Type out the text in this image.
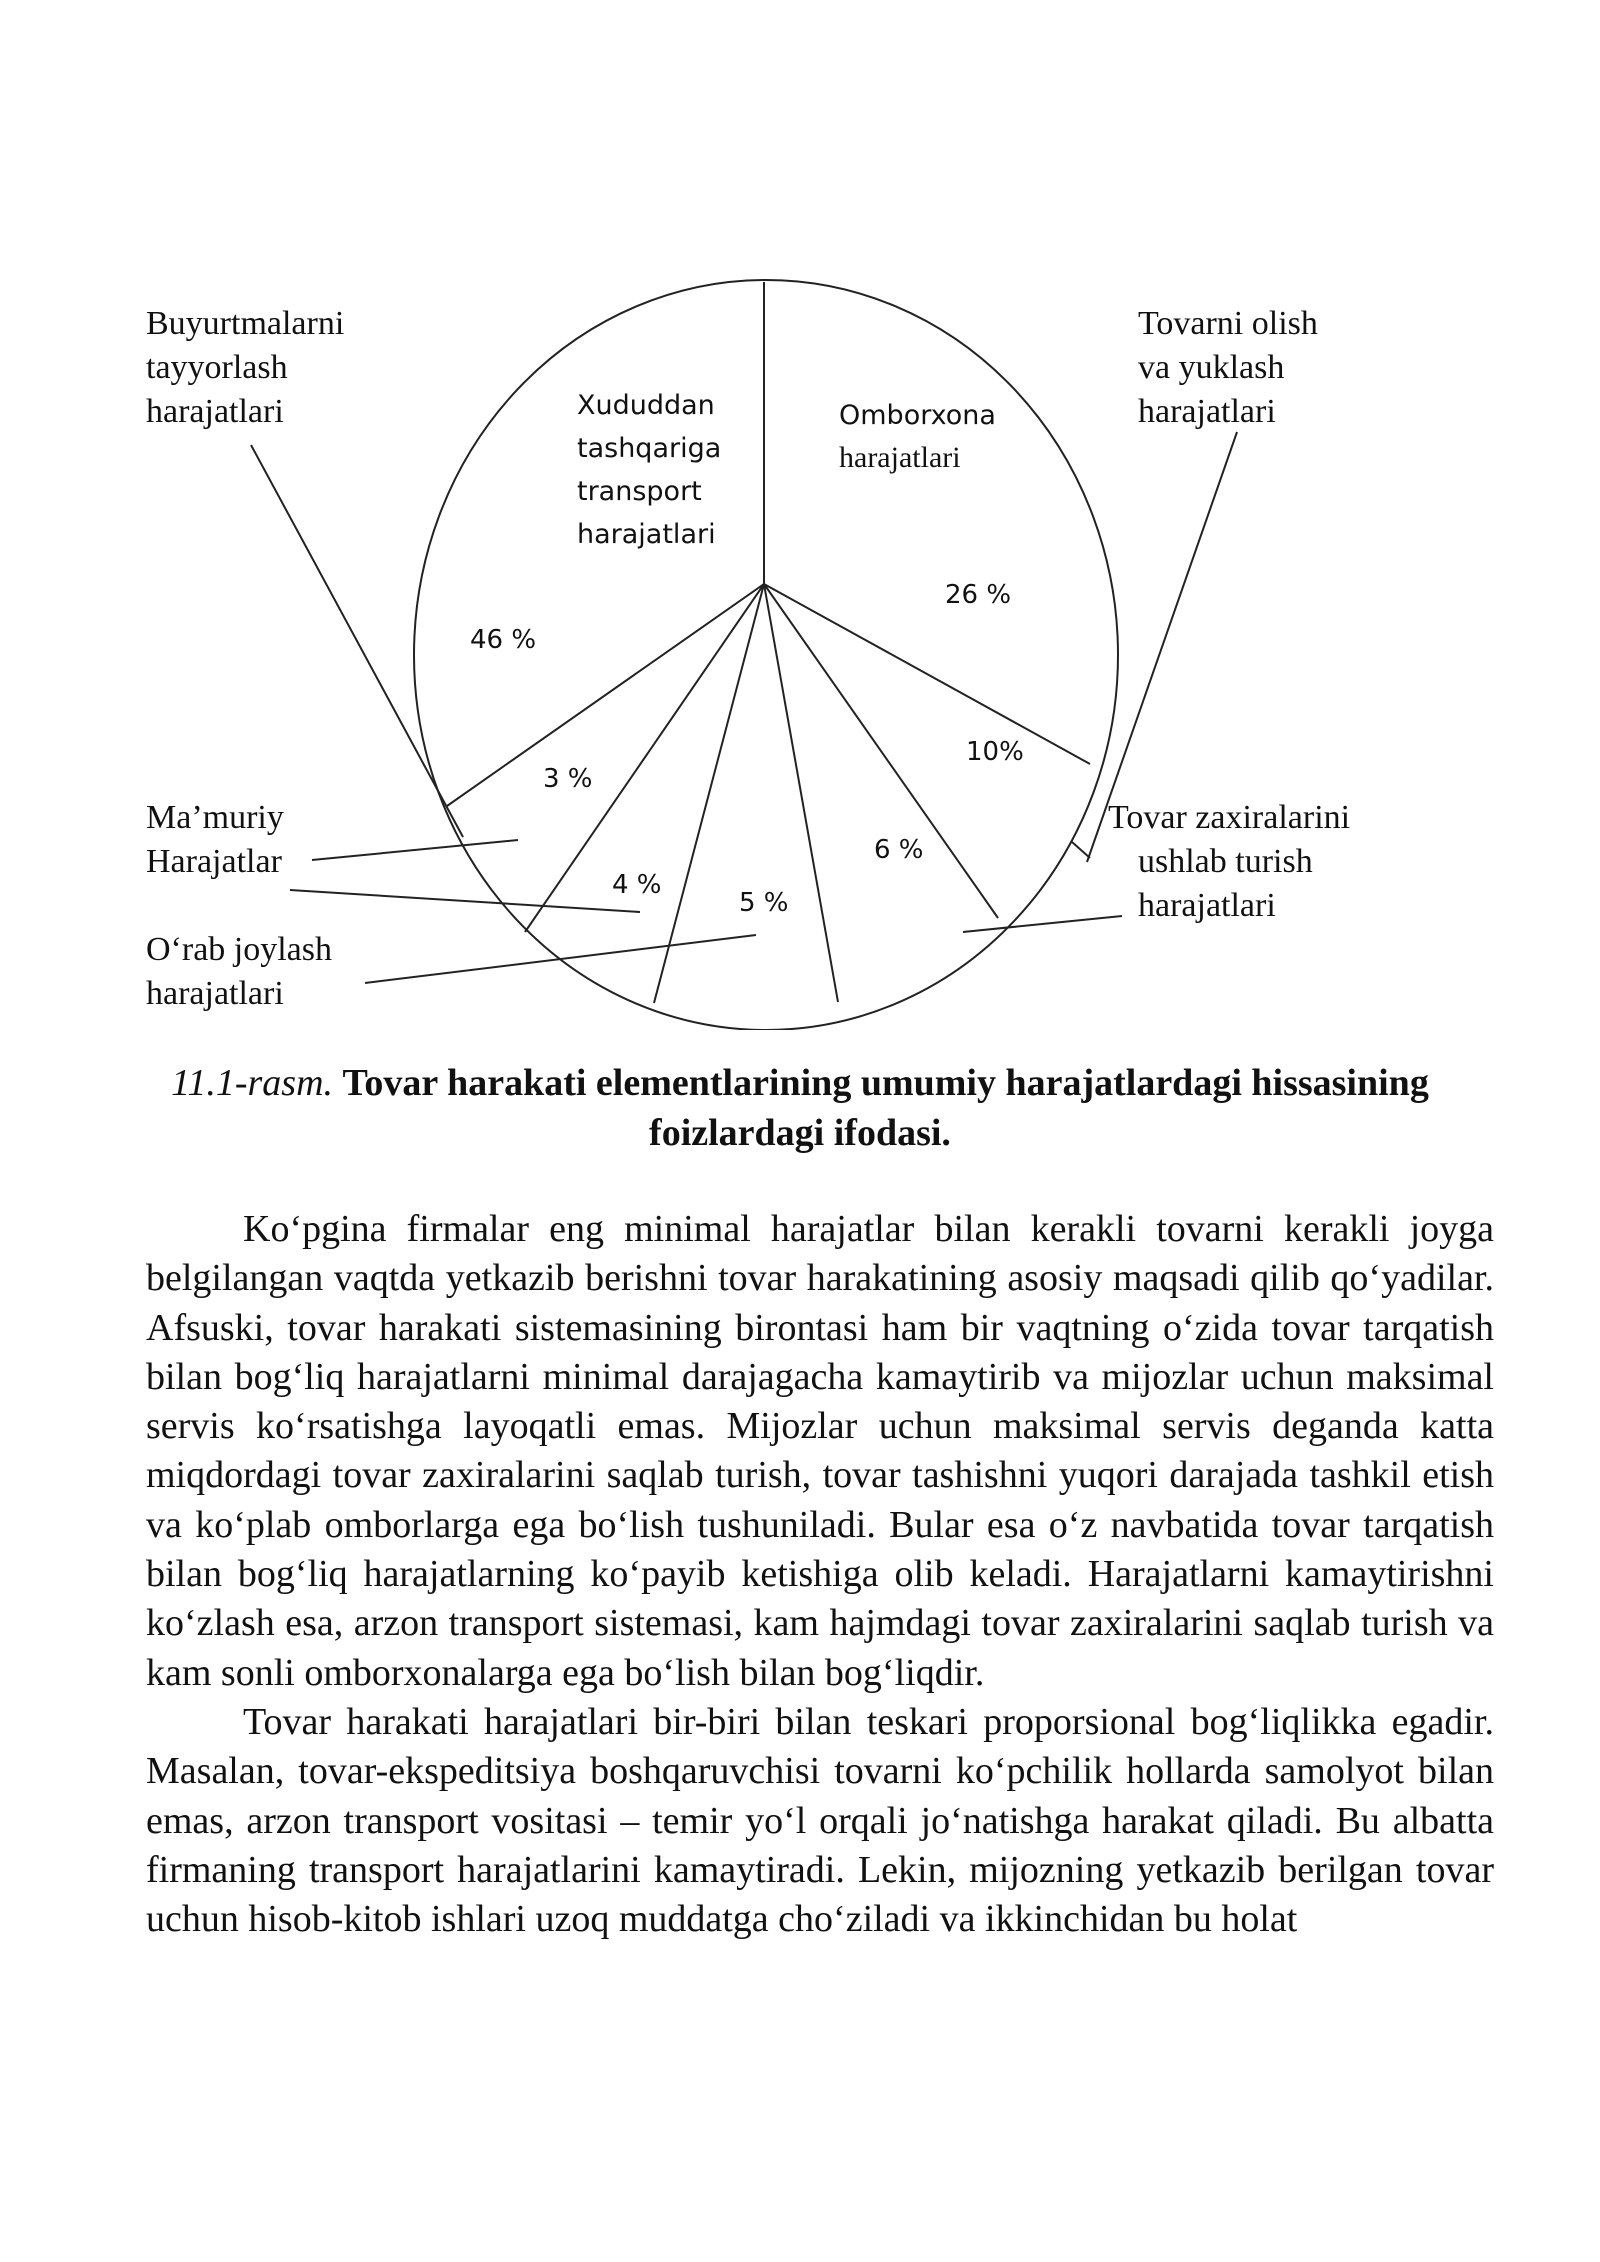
Buyurtmalarni tayyorlash harajatlari
Tovarni olish va yuklash harajatlari
Ma’muriy Harajatlar
Tovar zaxiralarini ushlab turish harajatlari
O‘rab joylash harajatlari
Xududdan tashqariga transport harajatlari
Omborxona harajatlari
46 %
26 %
10%
6 %
5 %
4 %
3 %
11.1-rasm. Tovar harakati elementlarining umumiy harajatlardagi hissasining foizlardagi ifodasi.

Ko‘pgina firmalar eng minimal harajatlar bilan kerakli tovarni kerakli joyga belgilangan vaqtda yetkazib berishni tovar harakatining asosiy maqsadi qilib qo‘yadilar. Afsuski, tovar harakati sistemasining birontasi ham bir vaqtning o‘zida tovar tarqatish bilan bog‘liq harajatlarni minimal darajagacha kamaytirib va mijozlar uchun maksimal servis ko‘rsatishga layoqatli emas. Mijozlar uchun maksimal servis deganda katta miqdordagi tovar zaxiralarini saqlab turish, tovar tashishni yuqori darajada tashkil etish va ko‘plab omborlarga ega bo‘lish tushuniladi. Bular esa o‘z navbatida tovar tarqatish bilan bog‘liq harajatlarning ko‘payib ketishiga olib keladi. Harajatlarni kamaytirishni ko‘zlash esa, arzon transport sistemasi, kam hajmdagi tovar zaxiralarini saqlab turish va kam sonli omborxonalarga ega bo‘lish bilan bog‘liqdir.

Tovar harakati harajatlari bir-biri bilan teskari proporsional bog‘liqlikka egadir. Masalan, tovar-ekspeditsiya boshqaruvchisi tovarni ko‘pchilik hollarda samolyot bilan emas, arzon transport vositasi – temir yo‘l orqali jo‘natishga harakat qiladi. Bu albatta firmaning transport harajatlarini kamaytiradi. Lekin, mijozning yetkazib berilgan tovar uchun hisob-kitob ishlari uzoq muddatga cho‘ziladi va ikkinchidan bu holat
